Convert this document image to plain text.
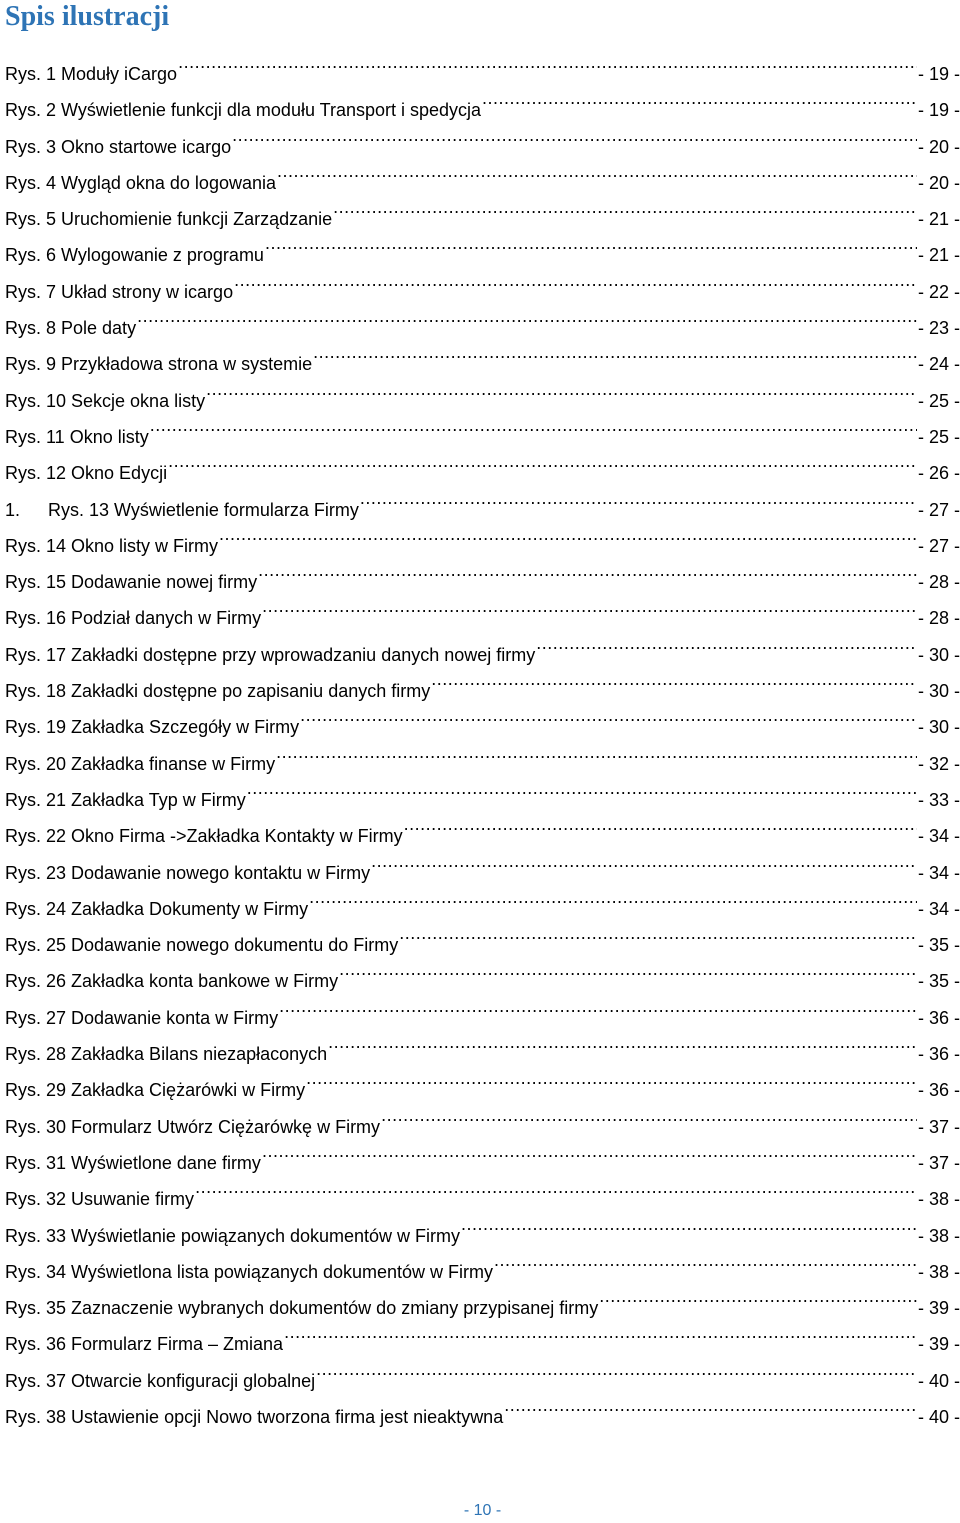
Spis ilustracji
Rys. 1 Moduły iCargo .....	- 19 -
Rys. 2 Wyświetlenie funkcji dla modułu Transport i spedycja .....	- 19 -
Rys. 3 Okno startowe icargo .....	- 20 -
Rys. 4 Wygląd okna do logowania .....	- 20 -
Rys. 5 Uruchomienie funkcji Zarządzanie .....	- 21 -
Rys. 6 Wylogowanie z programu .....	- 21 -
Rys. 7 Układ strony w icargo .....	- 22 -
Rys. 8 Pole daty .....	- 23 -
Rys. 9 Przykładowa strona w systemie .....	- 24 -
Rys. 10 Sekcje okna listy .....	- 25 -
Rys. 11 Okno listy .....	- 25 -
Rys. 12 Okno Edycji .....	- 26 -
1. Rys. 13 Wyświetlenie formularza Firmy .....	- 27 -
Rys. 14 Okno listy w Firmy .....	- 27 -
Rys. 15 Dodawanie nowej firmy .....	- 28 -
Rys. 16 Podział danych w Firmy .....	- 28 -
Rys. 17 Zakładki dostępne przy wprowadzaniu danych nowej firmy .....	- 30 -
Rys. 18 Zakładki dostępne po zapisaniu danych firmy .....	- 30 -
Rys. 19 Zakładka Szczegóły w Firmy .....	- 30 -
Rys. 20 Zakładka finanse w Firmy .....	- 32 -
Rys. 21 Zakładka Typ w Firmy .....	- 33 -
Rys. 22 Okno Firma ->Zakładka Kontakty w Firmy .....	- 34 -
Rys. 23 Dodawanie nowego kontaktu w Firmy .....	- 34 -
Rys. 24 Zakładka Dokumenty w Firmy .....	- 34 -
Rys. 25 Dodawanie nowego dokumentu do Firmy .....	- 35 -
Rys. 26 Zakładka konta bankowe w Firmy .....	- 35 -
Rys. 27 Dodawanie konta w Firmy .....	- 36 -
Rys. 28 Zakładka Bilans niezapłaconych .....	- 36 -
Rys. 29 Zakładka Ciężarówki w Firmy .....	- 36 -
Rys. 30 Formularz Utwórz Ciężarówkę w Firmy .....	- 37 -
Rys. 31 Wyświetlone dane firmy .....	- 37 -
Rys. 32 Usuwanie firmy .....	- 38 -
Rys. 33 Wyświetlanie powiązanych dokumentów w Firmy .....	- 38 -
Rys. 34 Wyświetlona lista powiązanych dokumentów w Firmy .....	- 38 -
Rys. 35 Zaznaczenie wybranych dokumentów do zmiany przypisanej firmy .....	- 39 -
Rys. 36 Formularz Firma – Zmiana .....	- 39 -
Rys. 37 Otwarcie konfiguracji globalnej .....	- 40 -
Rys. 38 Ustawienie opcji Nowo tworzona firma jest nieaktywna .....	- 40 -
- 10 -
